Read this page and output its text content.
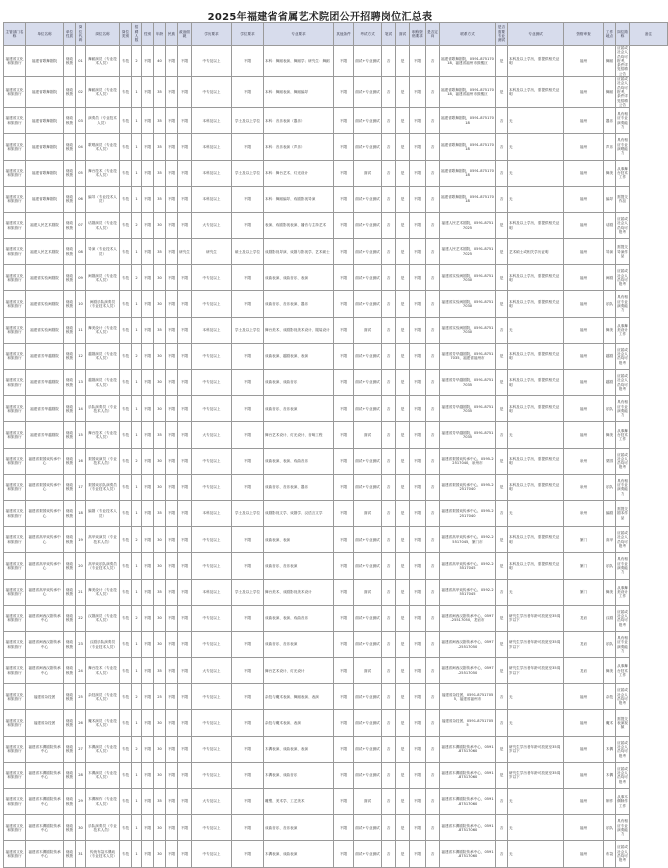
2025年福建省省属艺术院团公开招聘岗位汇总表
主管部门名称	单位名称	单位性质	岗位代码	岗位名称	岗位类别	招聘人数	性别	年龄	民族	政治面貌	学历要求	学位要求	专业要求	其他条件	考试方式	笔试	面试	职称资格要求	是否定向	联系方式	是否需要专业测试	专业测试	资格审查	工作地点	岗位简称	备注
福建省文化和旅游厅	福建省歌舞剧院	财政核拨	01	舞蹈演员（专业技术人员）	专技	2	不限	40	不限	不限	中专及以上	不限	本科：舞蹈表演、舞蹈学；研究生：舞蹈	不限	面试+专业测试	否	是	不限	否	福建省歌舞剧院，0591-87517018，福建省福州市鼓楼区	是	本科及以上学历，需提供相关证明	福州	舞蹈	应届或社会人员均可报考，条件详见招聘公告	
福建省文化和旅游厅	福建省歌舞剧院	财政核拨	02	舞蹈演员（专业技术人员）	专技	1	不限	35	不限	不限	中专及以上	不限	本科：舞蹈表演、舞蹈编导	不限	面试+专业测试	否	是	不限	否	福建省歌舞剧院，0591-87517018，福建省福州市鼓楼区	是	本科及以上学历，需提供相关证明	福州	舞蹈	应届或社会人员均可报考，条件详见招聘公告	
福建省文化和旅游厅	福建省歌舞剧院	财政核拨	03	演奏员（专业技术人员）	专技	1	不限	35	不限	不限	本科及以上	学士及以上学位	本科：音乐表演（器乐）	不限	面试+专业测试	否	是	不限	否	福建省歌舞剧院，0591-87517018	否	无	福州	器乐	具有相应专业演奏能力	
福建省文化和旅游厅	福建省歌舞剧院	财政核拨	04	歌唱演员（专业技术人员）	专技	1	不限	35	不限	不限	本科及以上	不限	本科：音乐表演（声乐）	不限	面试+专业测试	否	是	不限	否	福建省歌舞剧院，0591-87517018	否	无	福州	声乐	具有相应专业演唱能力	
福建省文化和旅游厅	福建省歌舞剧院	财政核拨	05	舞台技术（专业技术人员）	专技	1	不限	35	不限	不限	本科及以上	学士及以上学位	本科：舞台艺术、灯光设计	不限	面试	否	是	不限	否	福建省歌舞剧院，0591-87517018	否	无	福州	舞美	从事舞台技术工作	
福建省文化和旅游厅	福建省歌舞剧院	财政核拨	06	编导（专业技术人员）	专技	1	不限	35	不限	不限	本科及以上	不限	本科：舞蹈编导、戏剧影视导演	不限	面试+专业测试	否	是	不限	否	福建省歌舞剧院，0591-87517018	否	无	福州	编导	需提交作品	
福建省文化和旅游厅	福建人民艺术剧院	财政核拨	07	话剧演员（专业技术人员）	专技	2	不限	30	不限	不限	大专及以上	不限	表演、戏剧影视表演、播音与主持艺术	不限	面试+专业测试	否	是	不限	否	福建人民艺术剧院，0591-87517025	是	本科及以上学历，需提供相关证明	福州	话剧	应届或社会人员均可报考	
福建省文化和旅游厅	福建人民艺术剧院	财政核拨	08	导演（专业技术人员）	专技	1	不限	35	不限	研究生	研究生	硕士及以上学位	戏剧影视导演、戏剧与影视学、艺术硕士	不限	面试+专业测试	否	是	不限	否	福建人民艺术剧院，0591-87517025	是	艺术硕士或相关学历证明	福州	导演	需提交导演作品	
福建省文化和旅游厅	福建省实验闽剧院	财政核拨	09	闽剧演员（专业技术人员）	专技	2	不限	30	不限	不限	中专及以上	不限	戏曲表演、戏曲音乐、表演	不限	面试+专业测试	否	是	不限	否	福建省实验闽剧院，0591-87517030	是	本科及以上学历，需提供相关证明	福州	闽剧	应届或社会人员均可报考	
福建省文化和旅游厅	福建省实验闽剧院	财政核拨	10	闽剧乐队演奏员（专业技术人员）	专技	1	不限	30	不限	不限	中专及以上	不限	戏曲音乐、音乐表演、器乐	不限	面试+专业测试	否	是	不限	否	福建省实验闽剧院，0591-87517030	是	本科及以上学历，需提供相关证明	福州	乐队	具有相应专业演奏能力	
福建省文化和旅游厅	福建省实验闽剧院	财政核拨	11	舞美设计（专业技术人员）	专技	1	不限	35	不限	不限	本科及以上	学士及以上学位	舞台美术、戏剧影视美术设计、服装设计	不限	面试	否	是	不限	否	福建省实验闽剧院，0591-87517030	否	无	福州	舞美	从事舞美设计工作	
福建省文化和旅游厅	福建省芳华越剧院	财政核拨	12	越剧演员（专业技术人员）	专技	2	不限	30	不限	不限	中专及以上	不限	戏曲表演、越剧表演、表演	不限	面试+专业测试	否	是	不限	否	福建省芳华越剧院，0591-87517035，福建省福州市	是	本科及以上学历，需提供相关证明	福州	越剧	应届或社会人员均可报考	
福建省文化和旅游厅	福建省芳华越剧院	财政核拨	13	越剧演员（专业技术人员）	专技	1	不限	30	不限	不限	中专及以上	不限	戏曲表演、戏曲音乐	不限	面试+专业测试	否	是	不限	否	福建省芳华越剧院，0591-87517035	是	本科及以上学历，需提供相关证明	福州	越剧	应届或社会人员均可报考	
福建省文化和旅游厅	福建省芳华越剧院	财政核拨	14	乐队演奏员（专业技术人员）	专技	1	不限	30	不限	不限	中专及以上	不限	戏曲音乐、音乐表演	不限	面试+专业测试	否	是	不限	否	福建省芳华越剧院，0591-87517035	是	本科及以上学历，需提供相关证明	福州	乐队	具有相应专业演奏能力	
福建省文化和旅游厅	福建省芳华越剧院	财政核拨	15	舞台技术（专业技术人员）	专技	1	不限	35	不限	不限	大专及以上	不限	舞台艺术设计、灯光设计、音响工程	不限	面试	否	是	不限	否	福建省芳华越剧院，0591-87517035	否	无	福州	舞美	从事舞台技术工作	
福建省文化和旅游厅	福建省梨园戏传承中心	财政核拨	16	梨园戏演员（专业技术人员）	专技	2	不限	30	不限	不限	中专及以上	不限	戏曲表演、表演、戏曲音乐	不限	面试+专业测试	否	是	不限	否	福建省梨园戏传承中心，0595-22517040，泉州市	是	本科及以上学历，需提供相关证明	泉州	梨园	应届或社会人员均可报考	
福建省文化和旅游厅	福建省梨园戏传承中心	财政核拨	17	梨园戏乐队演奏员（专业技术人员）	专技	1	不限	30	不限	不限	中专及以上	不限	戏曲音乐、音乐表演、器乐	不限	面试+专业测试	否	是	不限	否	福建省梨园戏传承中心，0595-22517040	是	本科及以上学历，需提供相关证明	泉州	乐队	具有相应专业演奏能力	
福建省文化和旅游厅	福建省梨园戏传承中心	财政核拨	18	编剧（专业技术人员）	专技	1	不限	35	不限	不限	本科及以上	学士及以上学位	戏剧影视文学、戏剧学、汉语言文学	不限	面试	否	是	不限	否	福建省梨园戏传承中心，0595-22517040	否	无	泉州	编剧	需提交剧本作品	
福建省文化和旅游厅	福建省高甲戏传承中心	财政核拨	19	高甲戏演员（专业技术人员）	专技	2	不限	30	不限	不限	中专及以上	不限	戏曲表演、表演	不限	面试+专业测试	否	是	不限	否	福建省高甲戏传承中心，0592-25517045，厦门市	是	本科及以上学历，需提供相关证明	厦门	高甲	应届或社会人员均可报考	
福建省文化和旅游厅	福建省高甲戏传承中心	财政核拨	20	高甲戏乐队演奏员（专业技术人员）	专技	1	不限	30	不限	不限	中专及以上	不限	戏曲音乐、音乐表演	不限	面试+专业测试	否	是	不限	否	福建省高甲戏传承中心，0592-25517045	是	本科及以上学历，需提供相关证明	厦门	乐队	具有相应专业演奏能力	
福建省文化和旅游厅	福建省高甲戏传承中心	财政核拨	21	舞美设计（专业技术人员）	专技	1	不限	35	不限	不限	本科及以上	学士及以上学位	舞台美术、戏剧影视美术设计	不限	面试	否	是	不限	否	福建省高甲戏传承中心，0592-25517045	否	无	厦门	舞美	从事舞美设计工作	
福建省文化和旅游厅	福建省闽西汉剧传承中心	财政核拨	22	汉剧演员（专业技术人员）	专技	2	不限	30	不限	不限	中专及以上	不限	戏曲表演、表演、戏曲音乐	不限	面试+专业测试	否	是	不限	否	福建省闽西汉剧传承中心，0597-25517050，龙岩市	是	研究生学历者年龄可放宽至35周岁以下	龙岩	汉剧	应届或社会人员均可报考	
福建省文化和旅游厅	福建省闽西汉剧传承中心	财政核拨	23	汉剧乐队演奏员（专业技术人员）	专技	1	不限	30	不限	不限	中专及以上	不限	戏曲音乐、音乐表演	不限	面试+专业测试	否	是	不限	否	福建省闽西汉剧传承中心，0597-25517050	是	研究生学历者年龄可放宽至35周岁以下	龙岩	乐队	具有相应专业演奏能力	
福建省文化和旅游厅	福建省闽西汉剧传承中心	财政核拨	24	舞台技术（专业技术人员）	专技	1	不限	35	不限	不限	大专及以上	不限	舞台艺术设计、灯光设计	不限	面试	否	是	不限	否	福建省闽西汉剧传承中心，0597-25517050	是	研究生学历者年龄可放宽至35周岁以下	龙岩	舞美	从事舞台技术工作	
福建省文化和旅游厅	福建省杂技团	财政核拨	25	杂技演员（专业技术人员）	专技	2	不限	25	不限	不限	中专及以上	不限	杂技与魔术表演、舞蹈表演、表演	不限	面试+专业测试	否	是	不限	否	福建省杂技团，0591-87517055，福建省福州市	否	无	福州	杂技	应届或社会人员均可报考	
福建省文化和旅游厅	福建省杂技团	财政核拨	26	魔术演员（专业技术人员）	专技	1	不限	30	不限	不限	中专及以上	不限	杂技与魔术表演、表演	不限	面试+专业测试	否	是	不限	否	福建省杂技团，0591-87517055	否	无	福州	魔术	需提交表演视频	
福建省文化和旅游厅	福建省木偶剧院传承中心	财政核拨	27	木偶演员（专业技术人员）	专技	2	不限	30	不限	不限	中专及以上	不限	木偶表演、戏曲表演、表演	不限	面试+专业测试	否	是	不限	否	福建省木偶剧院传承中心，0591-87517060	是	研究生学历者年龄可放宽至35周岁以下	福州	木偶	应届或社会人员均可报考	
福建省文化和旅游厅	福建省木偶剧院传承中心	财政核拨	28	木偶演员（专业技术人员）	专技	1	不限	30	不限	不限	中专及以上	不限	木偶表演、戏曲音乐	不限	面试+专业测试	否	是	不限	否	福建省木偶剧院传承中心，0591-87517060	是	研究生学历者年龄可放宽至35周岁以下	福州	木偶	应届或社会人员均可报考	
福建省文化和旅游厅	福建省木偶剧院传承中心	财政核拨	29	木偶制作（专业技术人员）	专技	1	不限	35	不限	不限	大专及以上	不限	雕塑、美术学、工艺美术	不限	面试	否	是	不限	否	福建省木偶剧院传承中心，0591-87517060	否	无	福州	制作	从事木偶制作工作	
福建省文化和旅游厅	福建省木偶剧院传承中心	财政核拨	30	乐队演奏员（专业技术人员）	专技	1	不限	30	不限	不限	中专及以上	不限	戏曲音乐、音乐表演	不限	面试+专业测试	否	是	不限	否	福建省木偶剧院传承中心，0591-87517060	否	无	福州	乐队	具有相应专业演奏能力	
福建省文化和旅游厅	福建省木偶剧院传承中心	财政核拨	31	传统布袋木偶戏（专业技术人员）	专技	1	不限	30	不限	不限	中专及以上	不限	木偶表演、戏曲表演	不限	面试+专业测试	否	是	不限	否	福建省木偶剧院传承中心，0591-87517060	否	无	福州	布袋	应届或社会人员均可报考	
